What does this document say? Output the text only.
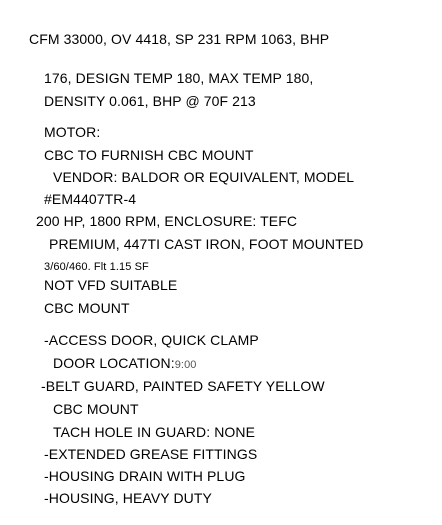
CFM 33000, OV 4418, SP 231 RPM 1063, BHP
176, DESIGN TEMP 180, MAX TEMP 180,
DENSITY 0.061, BHP @ 70F 213
MOTOR:
CBC TO FURNISH CBC MOUNT
VENDOR: BALDOR OR EQUIVALENT, MODEL
#EM4407TR-4
200 HP, 1800 RPM, ENCLOSURE: TEFC
PREMIUM, 447TI CAST IRON, FOOT MOUNTED
3/60/460. Flt 1.15 SF
NOT VFD SUITABLE
CBC MOUNT
-ACCESS DOOR, QUICK CLAMP
DOOR LOCATION:9:00
-BELT GUARD, PAINTED SAFETY YELLOW
CBC MOUNT
TACH HOLE IN GUARD: NONE
-EXTENDED GREASE FITTINGS
-HOUSING DRAIN WITH PLUG
-HOUSING, HEAVY DUTY
